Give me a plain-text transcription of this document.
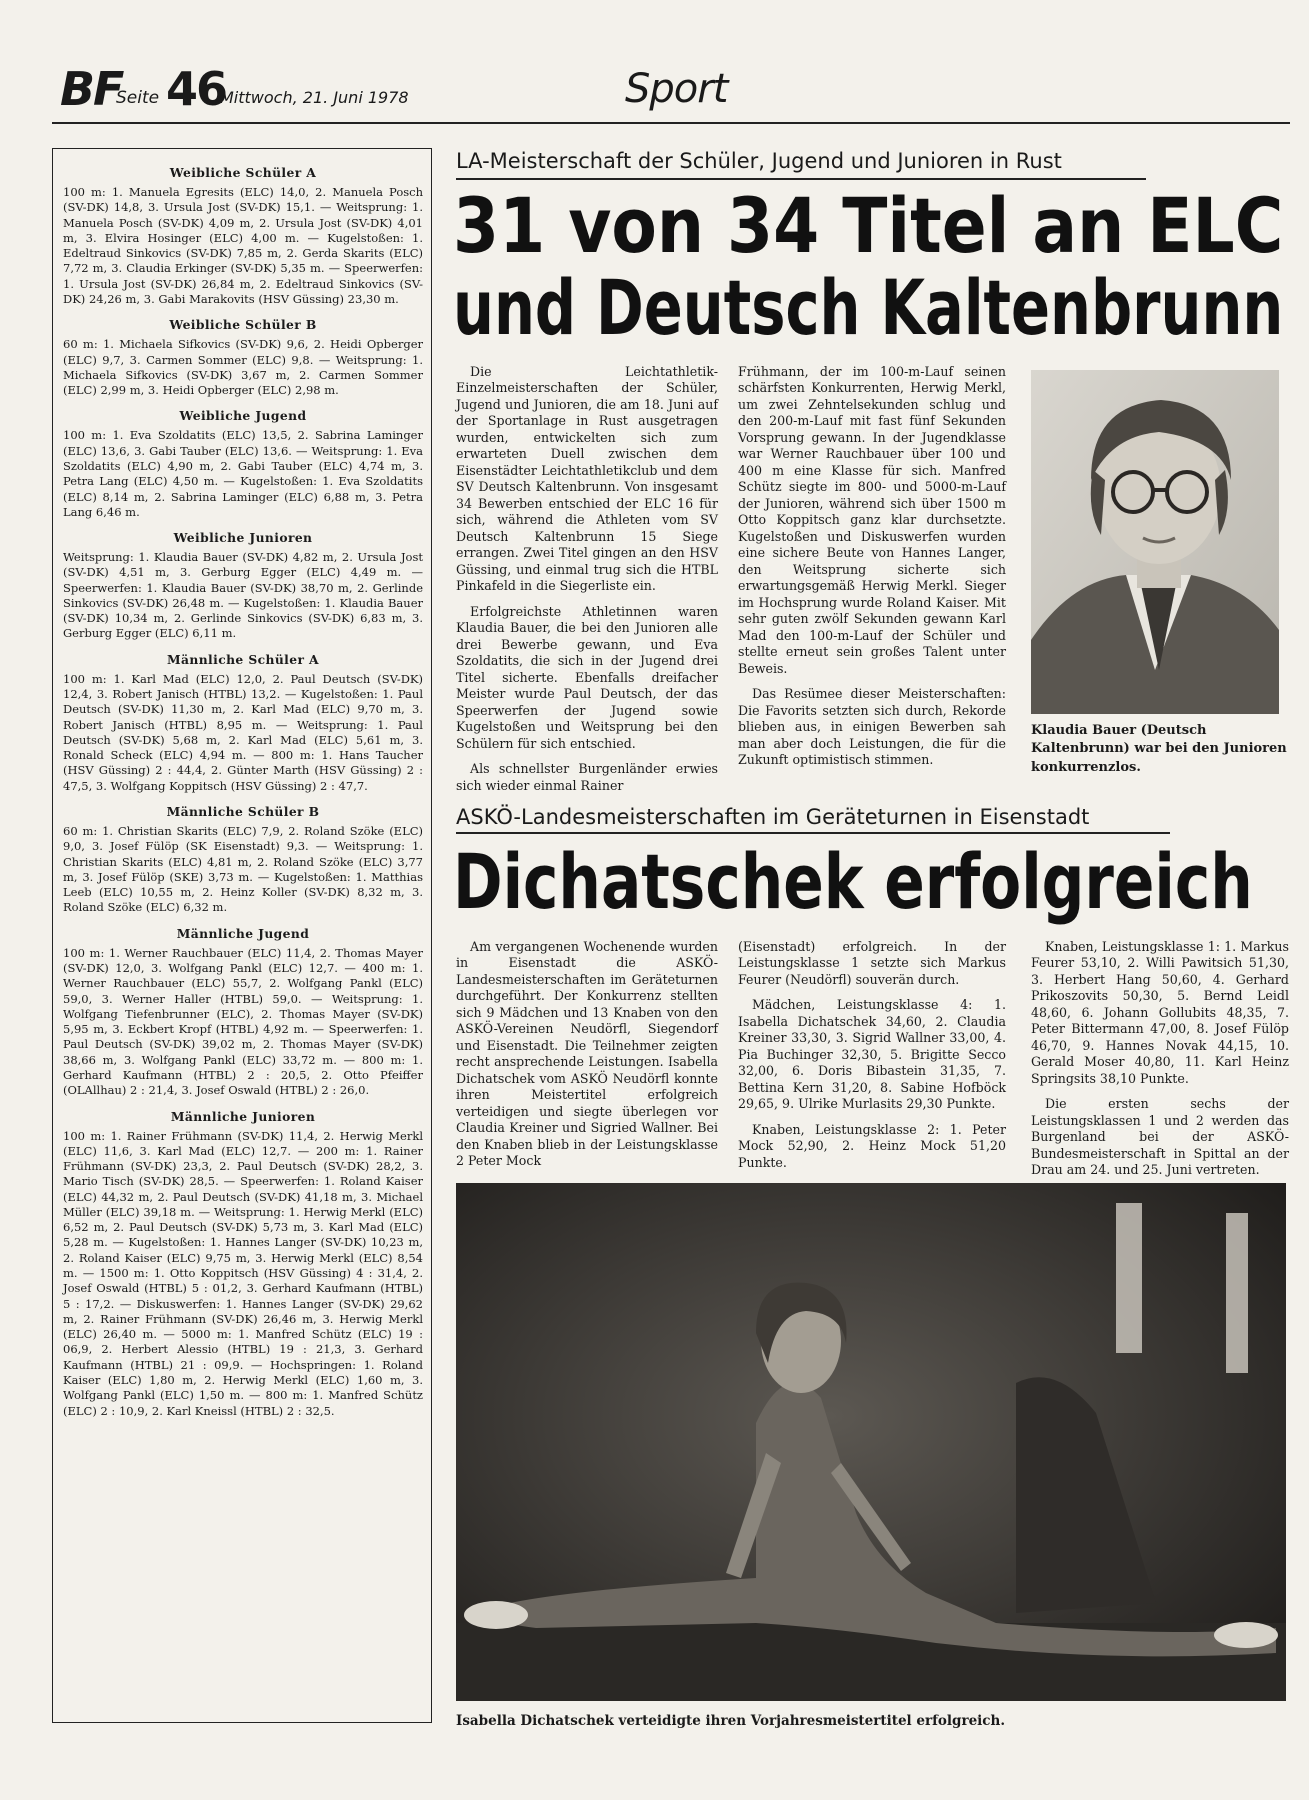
BF
Seite 46
Mittwoch, 21. Juni 1978	Sport
Weibliche Schüler A

100 m: 1. Manuela Egresits (ELC) 14,0, 2. Manuela Posch (SV-DK) 14,8, 3. Ursula Jost (SV-DK) 15,1. — Weitsprung: 1. Manuela Posch (SV-DK) 4,09 m, 2. Ursula Jost (SV-DK) 4,01 m, 3. Elvira Hosinger (ELC) 4,00 m. — Kugelstoßen: 1. Edeltraud Sinkovics (SV-DK) 7,85 m, 2. Gerda Skarits (ELC) 7,72 m, 3. Claudia Erkinger (SV-DK) 5,35 m. — Speerwerfen: 1. Ursula Jost (SV-DK) 26,84 m, 2. Edeltraud Sinkovics (SV-DK) 24,26 m, 3. Gabi Marakovits (HSV Güssing) 23,30 m.

Weibliche Schüler B

60 m: 1. Michaela Sifkovics (SV-DK) 9,6, 2. Heidi Opberger (ELC) 9,7, 3. Carmen Sommer (ELC) 9,8. — Weitsprung: 1. Michaela Sifkovics (SV-DK) 3,67 m, 2. Carmen Sommer (ELC) 2,99 m, 3. Heidi Opberger (ELC) 2,98 m.

Weibliche Jugend

100 m: 1. Eva Szoldatits (ELC) 13,5, 2. Sabrina Laminger (ELC) 13,6, 3. Gabi Tauber (ELC) 13,6. — Weitsprung: 1. Eva Szoldatits (ELC) 4,90 m, 2. Gabi Tauber (ELC) 4,74 m, 3. Petra Lang (ELC) 4,50 m. — Kugelstoßen: 1. Eva Szoldatits (ELC) 8,14 m, 2. Sabrina Laminger (ELC) 6,88 m, 3. Petra Lang 6,46 m.

Weibliche Junioren

Weitsprung: 1. Klaudia Bauer (SV-DK) 4,82 m, 2. Ursula Jost (SV-DK) 4,51 m, 3. Gerburg Egger (ELC) 4,49 m. — Speerwerfen: 1. Klaudia Bauer (SV-DK) 38,70 m, 2. Gerlinde Sinkovics (SV-DK) 26,48 m. — Kugelstoßen: 1. Klaudia Bauer (SV-DK) 10,34 m, 2. Gerlinde Sinkovics (SV-DK) 6,83 m, 3. Gerburg Egger (ELC) 6,11 m.

Männliche Schüler A

100 m: 1. Karl Mad (ELC) 12,0, 2. Paul Deutsch (SV-DK) 12,4, 3. Robert Janisch (HTBL) 13,2. — Kugelstoßen: 1. Paul Deutsch (SV-DK) 11,30 m, 2. Karl Mad (ELC) 9,70 m, 3. Robert Janisch (HTBL) 8,95 m. — Weitsprung: 1. Paul Deutsch (SV-DK) 5,68 m, 2. Karl Mad (ELC) 5,61 m, 3. Ronald Scheck (ELC) 4,94 m. — 800 m: 1. Hans Taucher (HSV Güssing) 2 : 44,4, 2. Günter Marth (HSV Güssing) 2 : 47,5, 3. Wolfgang Koppitsch (HSV Güssing) 2 : 47,7.

Männliche Schüler B

60 m: 1. Christian Skarits (ELC) 7,9, 2. Roland Szöke (ELC) 9,0, 3. Josef Fülöp (SK Eisenstadt) 9,3. — Weitsprung: 1. Christian Skarits (ELC) 4,81 m, 2. Roland Szöke (ELC) 3,77 m, 3. Josef Fülöp (SKE) 3,73 m. — Kugelstoßen: 1. Matthias Leeb (ELC) 10,55 m, 2. Heinz Koller (SV-DK) 8,32 m, 3. Roland Szöke (ELC) 6,32 m.

Männliche Jugend

100 m: 1. Werner Rauchbauer (ELC) 11,4, 2. Thomas Mayer (SV-DK) 12,0, 3. Wolfgang Pankl (ELC) 12,7. — 400 m: 1. Werner Rauchbauer (ELC) 55,7, 2. Wolfgang Pankl (ELC) 59,0, 3. Werner Haller (HTBL) 59,0. — Weitsprung: 1. Wolfgang Tiefenbrunner (ELC), 2. Thomas Mayer (SV-DK) 5,95 m, 3. Eckbert Kropf (HTBL) 4,92 m. — Speerwerfen: 1. Paul Deutsch (SV-DK) 39,02 m, 2. Thomas Mayer (SV-DK) 38,66 m, 3. Wolfgang Pankl (ELC) 33,72 m. — 800 m: 1. Gerhard Kaufmann (HTBL) 2 : 20,5, 2. Otto Pfeiffer (OLAllhau) 2 : 21,4, 3. Josef Oswald (HTBL) 2 : 26,0.

Männliche Junioren

100 m: 1. Rainer Frühmann (SV-DK) 11,4, 2. Herwig Merkl (ELC) 11,6, 3. Karl Mad (ELC) 12,7. — 200 m: 1. Rainer Frühmann (SV-DK) 23,3, 2. Paul Deutsch (SV-DK) 28,2, 3. Mario Tisch (SV-DK) 28,5. — Speerwerfen: 1. Roland Kaiser (ELC) 44,32 m, 2. Paul Deutsch (SV-DK) 41,18 m, 3. Michael Müller (ELC) 39,18 m. — Weitsprung: 1. Herwig Merkl (ELC) 6,52 m, 2. Paul Deutsch (SV-DK) 5,73 m, 3. Karl Mad (ELC) 5,28 m. — Kugelstoßen: 1. Hannes Langer (SV-DK) 10,23 m, 2. Roland Kaiser (ELC) 9,75 m, 3. Herwig Merkl (ELC) 8,54 m. — 1500 m: 1. Otto Koppitsch (HSV Güssing) 4 : 31,4, 2. Josef Oswald (HTBL) 5 : 01,2, 3. Gerhard Kaufmann (HTBL) 5 : 17,2. — Diskuswerfen: 1. Hannes Langer (SV-DK) 29,62 m, 2. Rainer Frühmann (SV-DK) 26,46 m, 3. Herwig Merkl (ELC) 26,40 m. — 5000 m: 1. Manfred Schütz (ELC) 19 : 06,9, 2. Herbert Alessio (HTBL) 19 : 21,3, 3. Gerhard Kaufmann (HTBL) 21 : 09,9. — Hochspringen: 1. Roland Kaiser (ELC) 1,80 m, 2. Herwig Merkl (ELC) 1,60 m, 3. Wolfgang Pankl (ELC) 1,50 m. — 800 m: 1. Manfred Schütz (ELC) 2 : 10,9, 2. Karl Kneissl (HTBL) 2 : 32,5.

LA-Meisterschaft der Schüler, Jugend und Junioren in Rust
31 von 34 Titel an ELC
und Deutsch Kaltenbrunn

Die Leichtathletik-Einzelmeisterschaften der Schüler, Jugend und Junioren, die am 18. Juni auf der Sportanlage in Rust ausgetragen wurden, entwickelten sich zum erwarteten Duell zwischen dem Eisenstädter Leichtathletikclub und dem SV Deutsch Kaltenbrunn. Von insgesamt 34 Bewerben entschied der ELC 16 für sich, während die Athleten vom SV Deutsch Kaltenbrunn 15 Siege errangen. Zwei Titel gingen an den HSV Güssing, und einmal trug sich die HTBL Pinkafeld in die Siegerliste ein.

Erfolgreichste Athletinnen waren Klaudia Bauer, die bei den Junioren alle drei Bewerbe gewann, und Eva Szoldatits, die sich in der Jugend drei Titel sicherte. Ebenfalls dreifacher Meister wurde Paul Deutsch, der das Speerwerfen der Jugend sowie Kugelstoßen und Weitsprung bei den Schülern für sich entschied.

Als schnellster Burgenländer erwies sich wieder einmal Rainer

Frühmann, der im 100-m-Lauf seinen schärfsten Konkurrenten, Herwig Merkl, um zwei Zehntelsekunden schlug und den 200-m-Lauf mit fast fünf Sekunden Vorsprung gewann. In der Jugendklasse war Werner Rauchbauer über 100 und 400 m eine Klasse für sich. Manfred Schütz siegte im 800- und 5000-m-Lauf der Junioren, während sich über 1500 m Otto Koppitsch ganz klar durchsetzte. Kugelstoßen und Diskuswerfen wurden eine sichere Beute von Hannes Langer, den Weitsprung sicherte sich erwartungsgemäß Herwig Merkl. Sieger im Hochsprung wurde Roland Kaiser. Mit sehr guten zwölf Sekunden gewann Karl Mad den 100-m-Lauf der Schüler und stellte erneut sein großes Talent unter Beweis.

Das Resümee dieser Meisterschaften: Die Favorits setzten sich durch, Rekorde blieben aus, in einigen Bewerben sah man aber doch Leistungen, die für die Zukunft optimistisch stimmen.

Klaudia Bauer (Deutsch Kaltenbrunn) war bei den Junioren konkurrenzlos.
ASKÖ-Landesmeisterschaften im Geräteturnen in Eisenstadt
Dichatschek erfolgreich

Am vergangenen Wochenende wurden in Eisenstadt die ASKÖ-Landesmeisterschaften im Geräteturnen durchgeführt. Der Konkurrenz stellten sich 9 Mädchen und 13 Knaben von den ASKÖ-Vereinen Neudörfl, Siegendorf und Eisenstadt. Die Teilnehmer zeigten recht ansprechende Leistungen. Isabella Dichatschek vom ASKÖ Neudörfl konnte ihren Meistertitel erfolgreich verteidigen und siegte überlegen vor Claudia Kreiner und Sigried Wallner. Bei den Knaben blieb in der Leistungsklasse 2 Peter Mock

(Eisenstadt) erfolgreich. In der Leistungsklasse 1 setzte sich Markus Feurer (Neudörfl) souverän durch.

Mädchen, Leistungsklasse 4: 1. Isabella Dichatschek 34,60, 2. Claudia Kreiner 33,30, 3. Sigrid Wallner 33,00, 4. Pia Buchinger 32,30, 5. Brigitte Secco 32,00, 6. Doris Bibastein 31,35, 7. Bettina Kern 31,20, 8. Sabine Hofböck 29,65, 9. Ulrike Murlasits 29,30 Punkte.

Knaben, Leistungsklasse 2: 1. Peter Mock 52,90, 2. Heinz Mock 51,20 Punkte.

Knaben, Leistungsklasse 1: 1. Markus Feurer 53,10, 2. Willi Pawitsich 51,30, 3. Herbert Hang 50,60, 4. Gerhard Prikoszovits 50,30, 5. Bernd Leidl 48,60, 6. Johann Gollubits 48,35, 7. Peter Bittermann 47,00, 8. Josef Fülöp 46,70, 9. Hannes Novak 44,15, 10. Gerald Moser 40,80, 11. Karl Heinz Springsits 38,10 Punkte.

Die ersten sechs der Leistungsklassen 1 und 2 werden das Burgenland bei der ASKÖ-Bundesmeisterschaft in Spittal an der Drau am 24. und 25. Juni vertreten.

Isabella Dichatschek verteidigte ihren Vorjahresmeistertitel erfolgreich.
